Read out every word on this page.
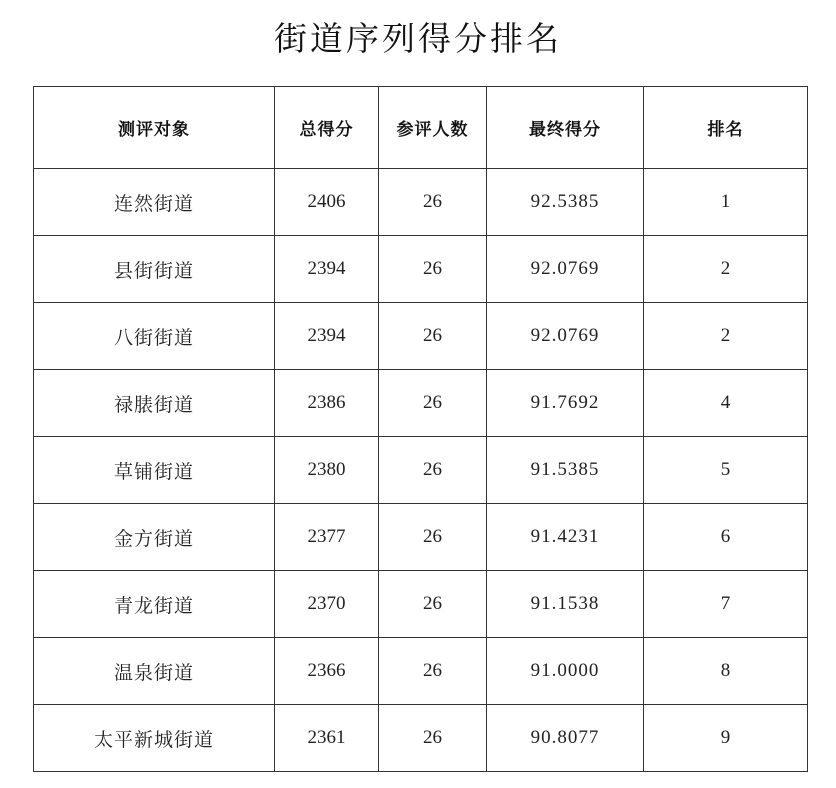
街道序列得分排名
测评对象	总得分	参评人数	最终得分	排名
连然街道	2406	26	92.5385	1
县街街道	2394	26	92.0769	2
八街街道	2394	26	92.0769	2
禄脿街道	2386	26	91.7692	4
草铺街道	2380	26	91.5385	5
金方街道	2377	26	91.4231	6
青龙街道	2370	26	91.1538	7
温泉街道	2366	26	91.0000	8
太平新城街道	2361	26	90.8077	9
